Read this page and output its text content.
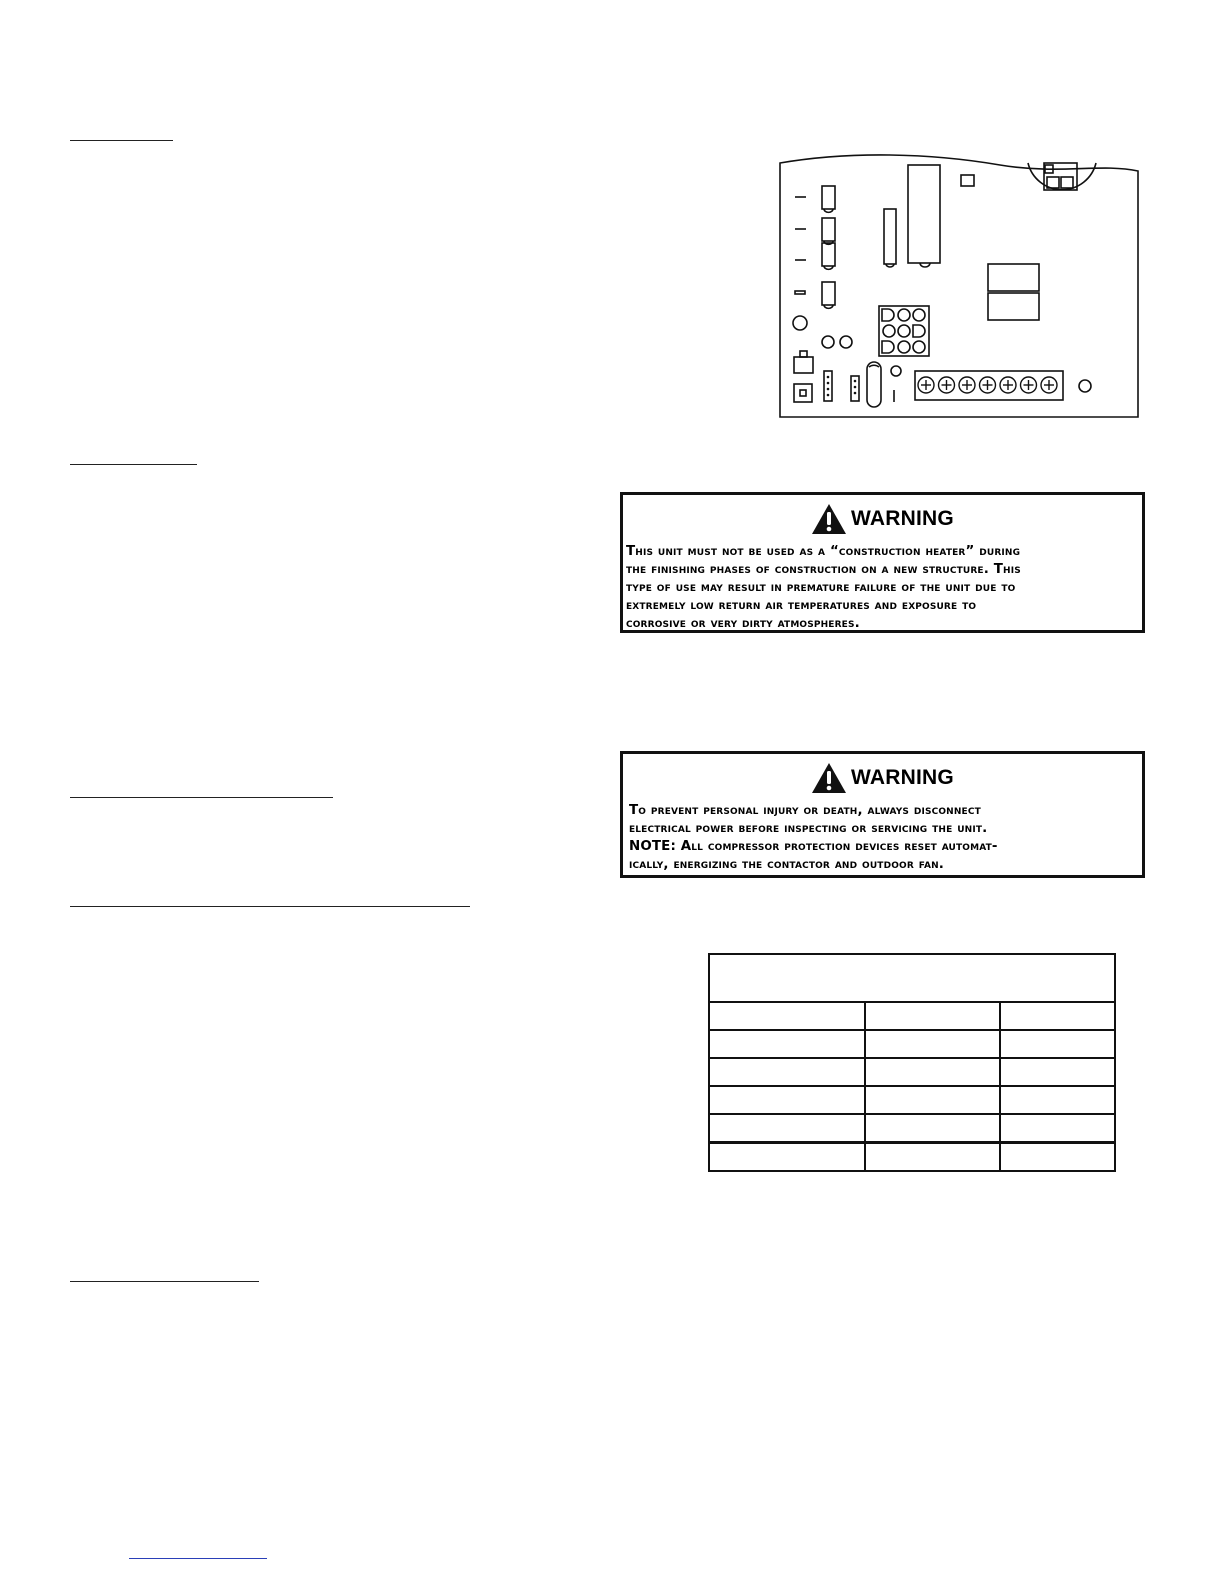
WARNING
This unit must not be used as a “construction heater” during
the finishing phases of construction on a new structure. This
type of use may result in premature failure of the unit due to
extremely low return air temperatures and exposure to
corrosive or very dirty atmospheres.
WARNING
To prevent personal injury or death, always disconnect
electrical power before inspecting or servicing the unit.
NOTE: All compressor protection devices reset automat-
ically, energizing the contactor and outdoor fan.
